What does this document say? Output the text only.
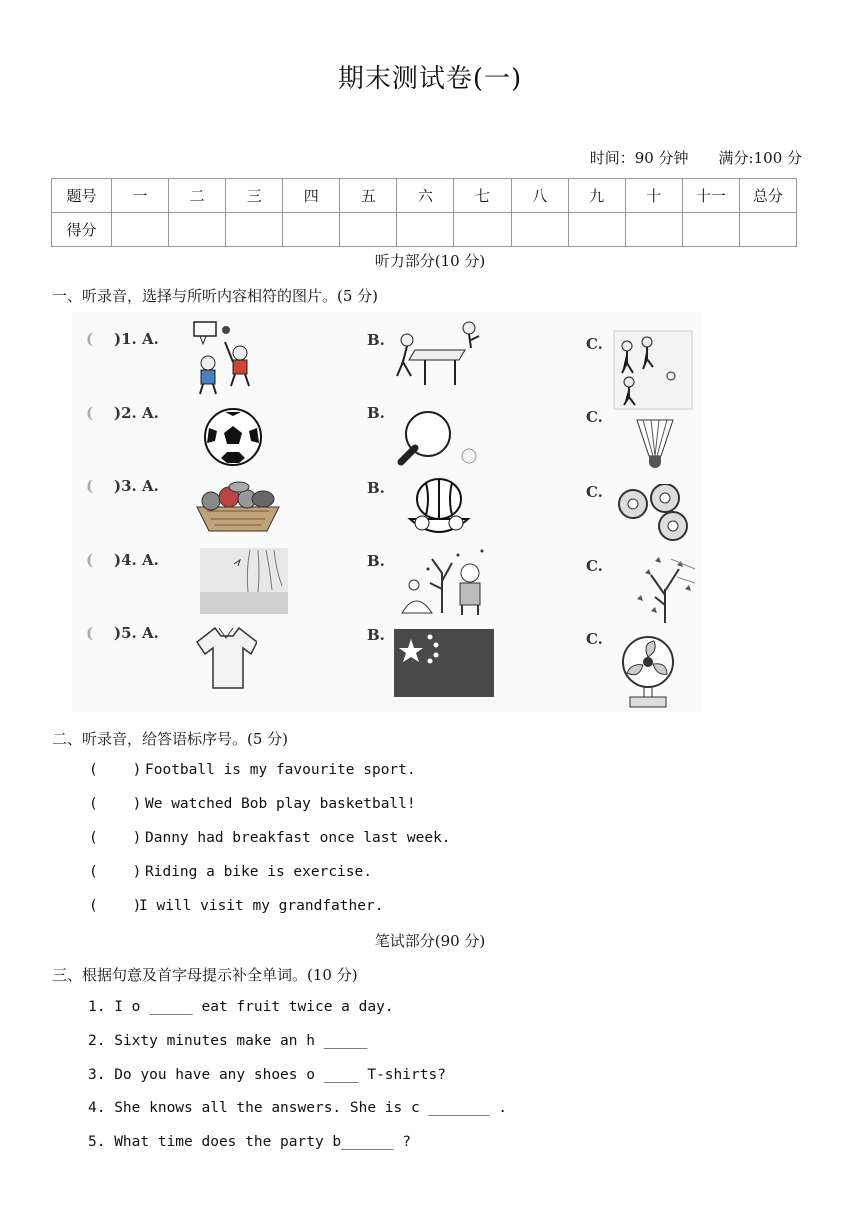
期末测试卷(一)
时间：90 分钟 满分:100 分
题号	一	二	三	四	五	六	七	八	九	十	十一	总分
得分												
听力部分(10 分)
一、听录音，选择与所听内容相符的图片。(5 分)
( )1. A.	B.	C.
( )2. A.	B.	C.
( )3. A.	B.	C.
( )4. A.	B.	C.
( )5. A.	B.	C.
二、听录音，给答语标序号。(5 分)
( ) Football is my favourite sport.
( ) We watched Bob play basketball!
( ) Danny had breakfast once last week.
( ) Riding a bike is exercise.
( )I will visit my grandfather.
笔试部分(90 分)
三、根据句意及首字母提示补全单词。(10 分)
1. I o _____ eat fruit twice a day.
2. Sixty minutes make an h _____
3. Do you have any shoes o ____ T-shirts?
4. She knows all the answers. She is c _______ .
5. What time does the party b______ ?
